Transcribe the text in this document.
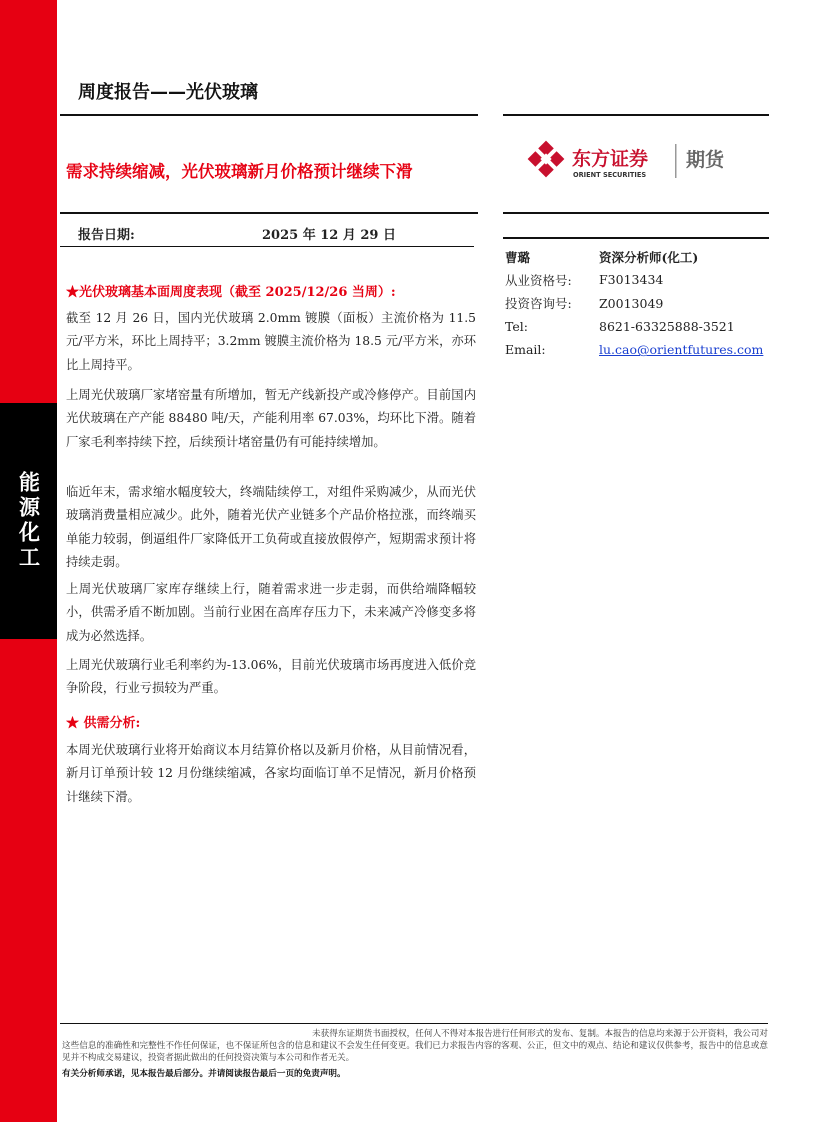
能源化工
周度报告——光伏玻璃
需求持续缩减，光伏玻璃新月价格预计继续下滑
东方证券
ORIENT SECURITIES
期货
报告日期:	2025 年 12 月 29 日
曹璐	资深分析师(化工)
从业资格号:	F3013434
投资咨询号:	Z0013049
Tel:	8621-63325888-3521
Email:	lu.cao@orientfutures.com
★光伏玻璃基本面周度表现（截至 2025/12/26 当周）:
截至 12 月 26 日，国内光伏玻璃 2.0mm 镀膜（面板）主流价格为 11.5 元/平方米，环比上周持平；3.2mm 镀膜主流价格为 18.5 元/平方米，亦环比上周持平。
上周光伏玻璃厂家堵窑量有所增加，暂无产线新投产或冷修停产。目前国内光伏玻璃在产产能 88480 吨/天，产能利用率 67.03%，均环比下滑。随着厂家毛利率持续下控，后续预计堵窑量仍有可能持续增加。
临近年末，需求缩水幅度较大，终端陆续停工，对组件采购减少，从而光伏玻璃消费量相应减少。此外，随着光伏产业链多个产品价格拉涨，而终端买单能力较弱，倒逼组件厂家降低开工负荷或直接放假停产，短期需求预计将持续走弱。
上周光伏玻璃厂家库存继续上行，随着需求进一步走弱，而供给端降幅较小，供需矛盾不断加剧。当前行业困在高库存压力下，未来减产冷修变多将成为必然选择。
上周光伏玻璃行业毛利率约为-13.06%，目前光伏玻璃市场再度进入低价竞争阶段，行业亏损较为严重。
★ 供需分析:
本周光伏玻璃行业将开始商议本月结算价格以及新月价格，从目前情况看，新月订单预计较 12 月份继续缩减，各家均面临订单不足情况，新月价格预计继续下滑。

未获得东证期货书面授权，任何人不得对本报告进行任何形式的发布、复制。本报告的信息均来源于公开资料，我公司对这些信息的准确性和完整性不作任何保证，也不保证所包含的信息和建议不会发生任何变更。我们已力求报告内容的客观、公正，但文中的观点、结论和建议仅供参考，报告中的信息或意见并不构成交易建议，投资者据此做出的任何投资决策与本公司和作者无关。

有关分析师承诺，见本报告最后部分。并请阅读报告最后一页的免责声明。
